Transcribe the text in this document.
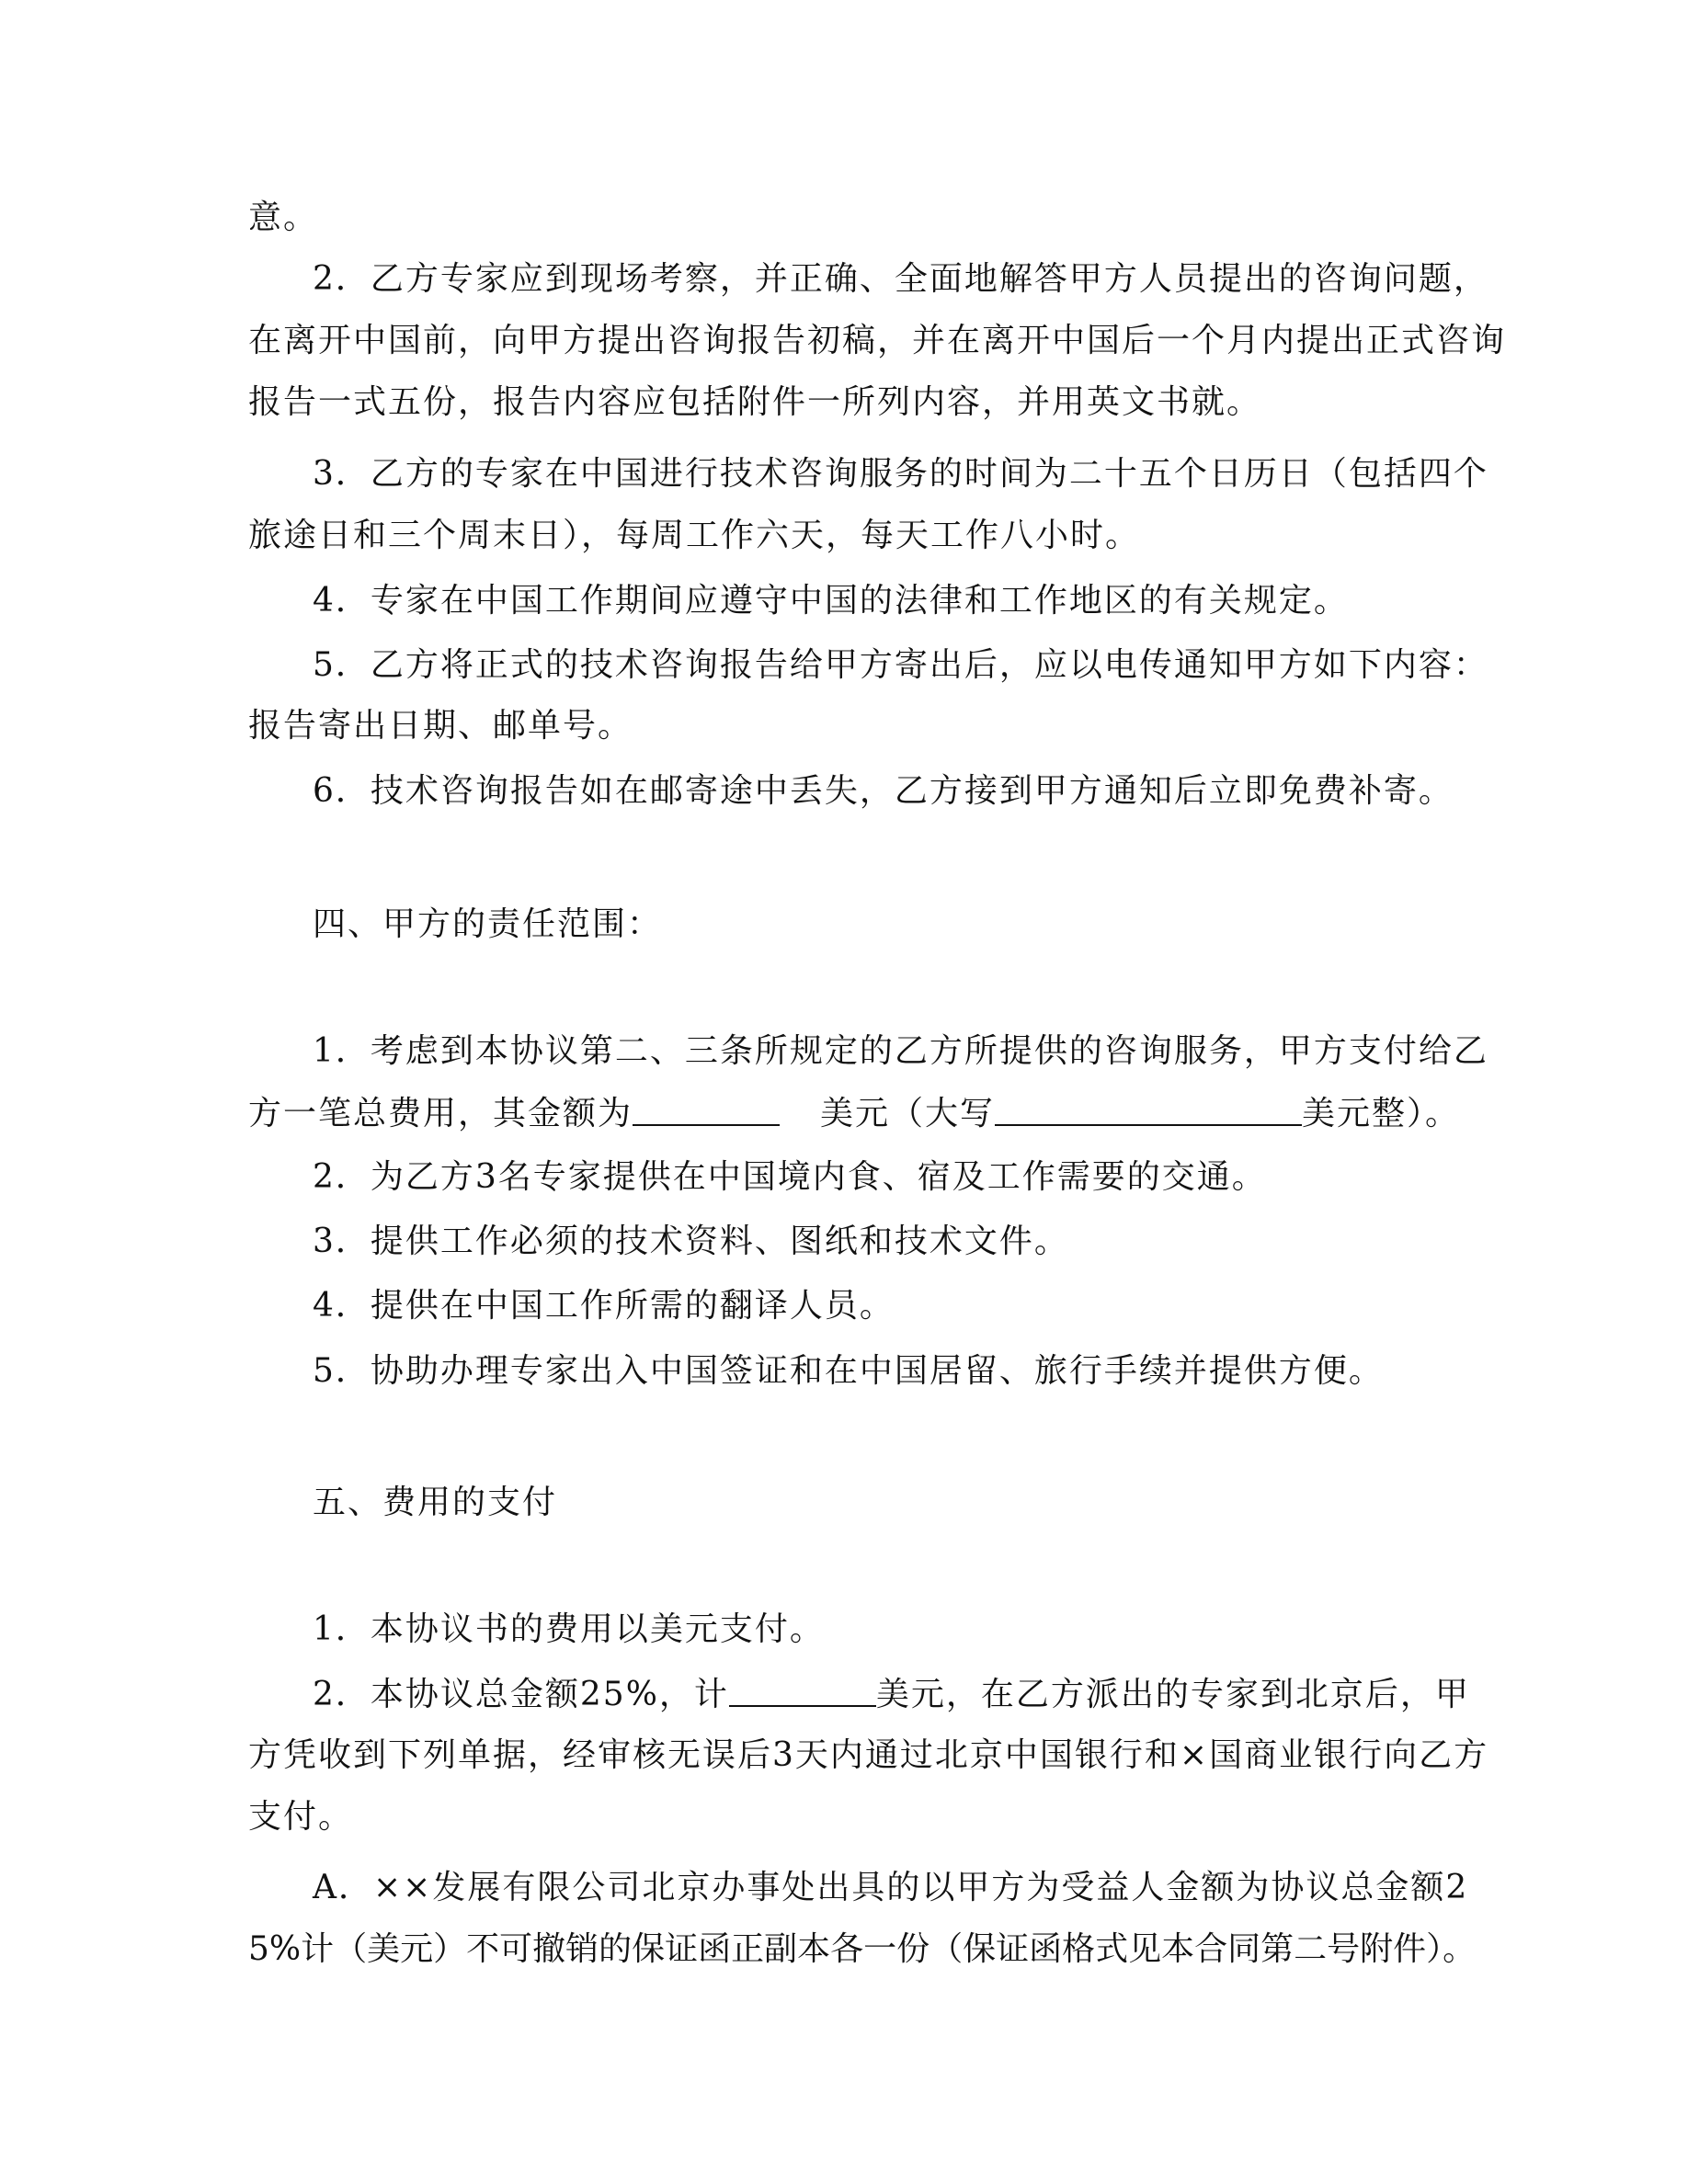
意。
2．乙方专家应到现场考察，并正确、全面地解答甲方人员提出的咨询问题，
在离开中国前，向甲方提出咨询报告初稿，并在离开中国后一个月内提出正式咨询
报告一式五份，报告内容应包括附件一所列内容，并用英文书就。
3．乙方的专家在中国进行技术咨询服务的时间为二十五个日历日（包括四个
旅途日和三个周末日），每周工作六天，每天工作八小时。
4．专家在中国工作期间应遵守中国的法律和工作地区的有关规定。
5．乙方将正式的技术咨询报告给甲方寄出后，应以电传通知甲方如下内容：
报告寄出日期、邮单号。
6．技术咨询报告如在邮寄途中丢失，乙方接到甲方通知后立即免费补寄。
四、甲方的责任范围：
1．考虑到本协议第二、三条所规定的乙方所提供的咨询服务，甲方支付给乙
方一笔总费用，其金额为	美元（大写	美元整）。
2．为乙方3名专家提供在中国境内食、宿及工作需要的交通。
3．提供工作必须的技术资料、图纸和技术文件。
4．提供在中国工作所需的翻译人员。
5．协助办理专家出入中国签证和在中国居留、旅行手续并提供方便。
五、费用的支付
1．本协议书的费用以美元支付。
2．本协议总金额25%，计	美元，在乙方派出的专家到北京后，甲
方凭收到下列单据，经审核无误后3天内通过北京中国银行和×国商业银行向乙方
支付。
A．××发展有限公司北京办事处出具的以甲方为受益人金额为协议总金额2
5%计（美元）不可撤销的保证函正副本各一份（保证函格式见本合同第二号附件）。
